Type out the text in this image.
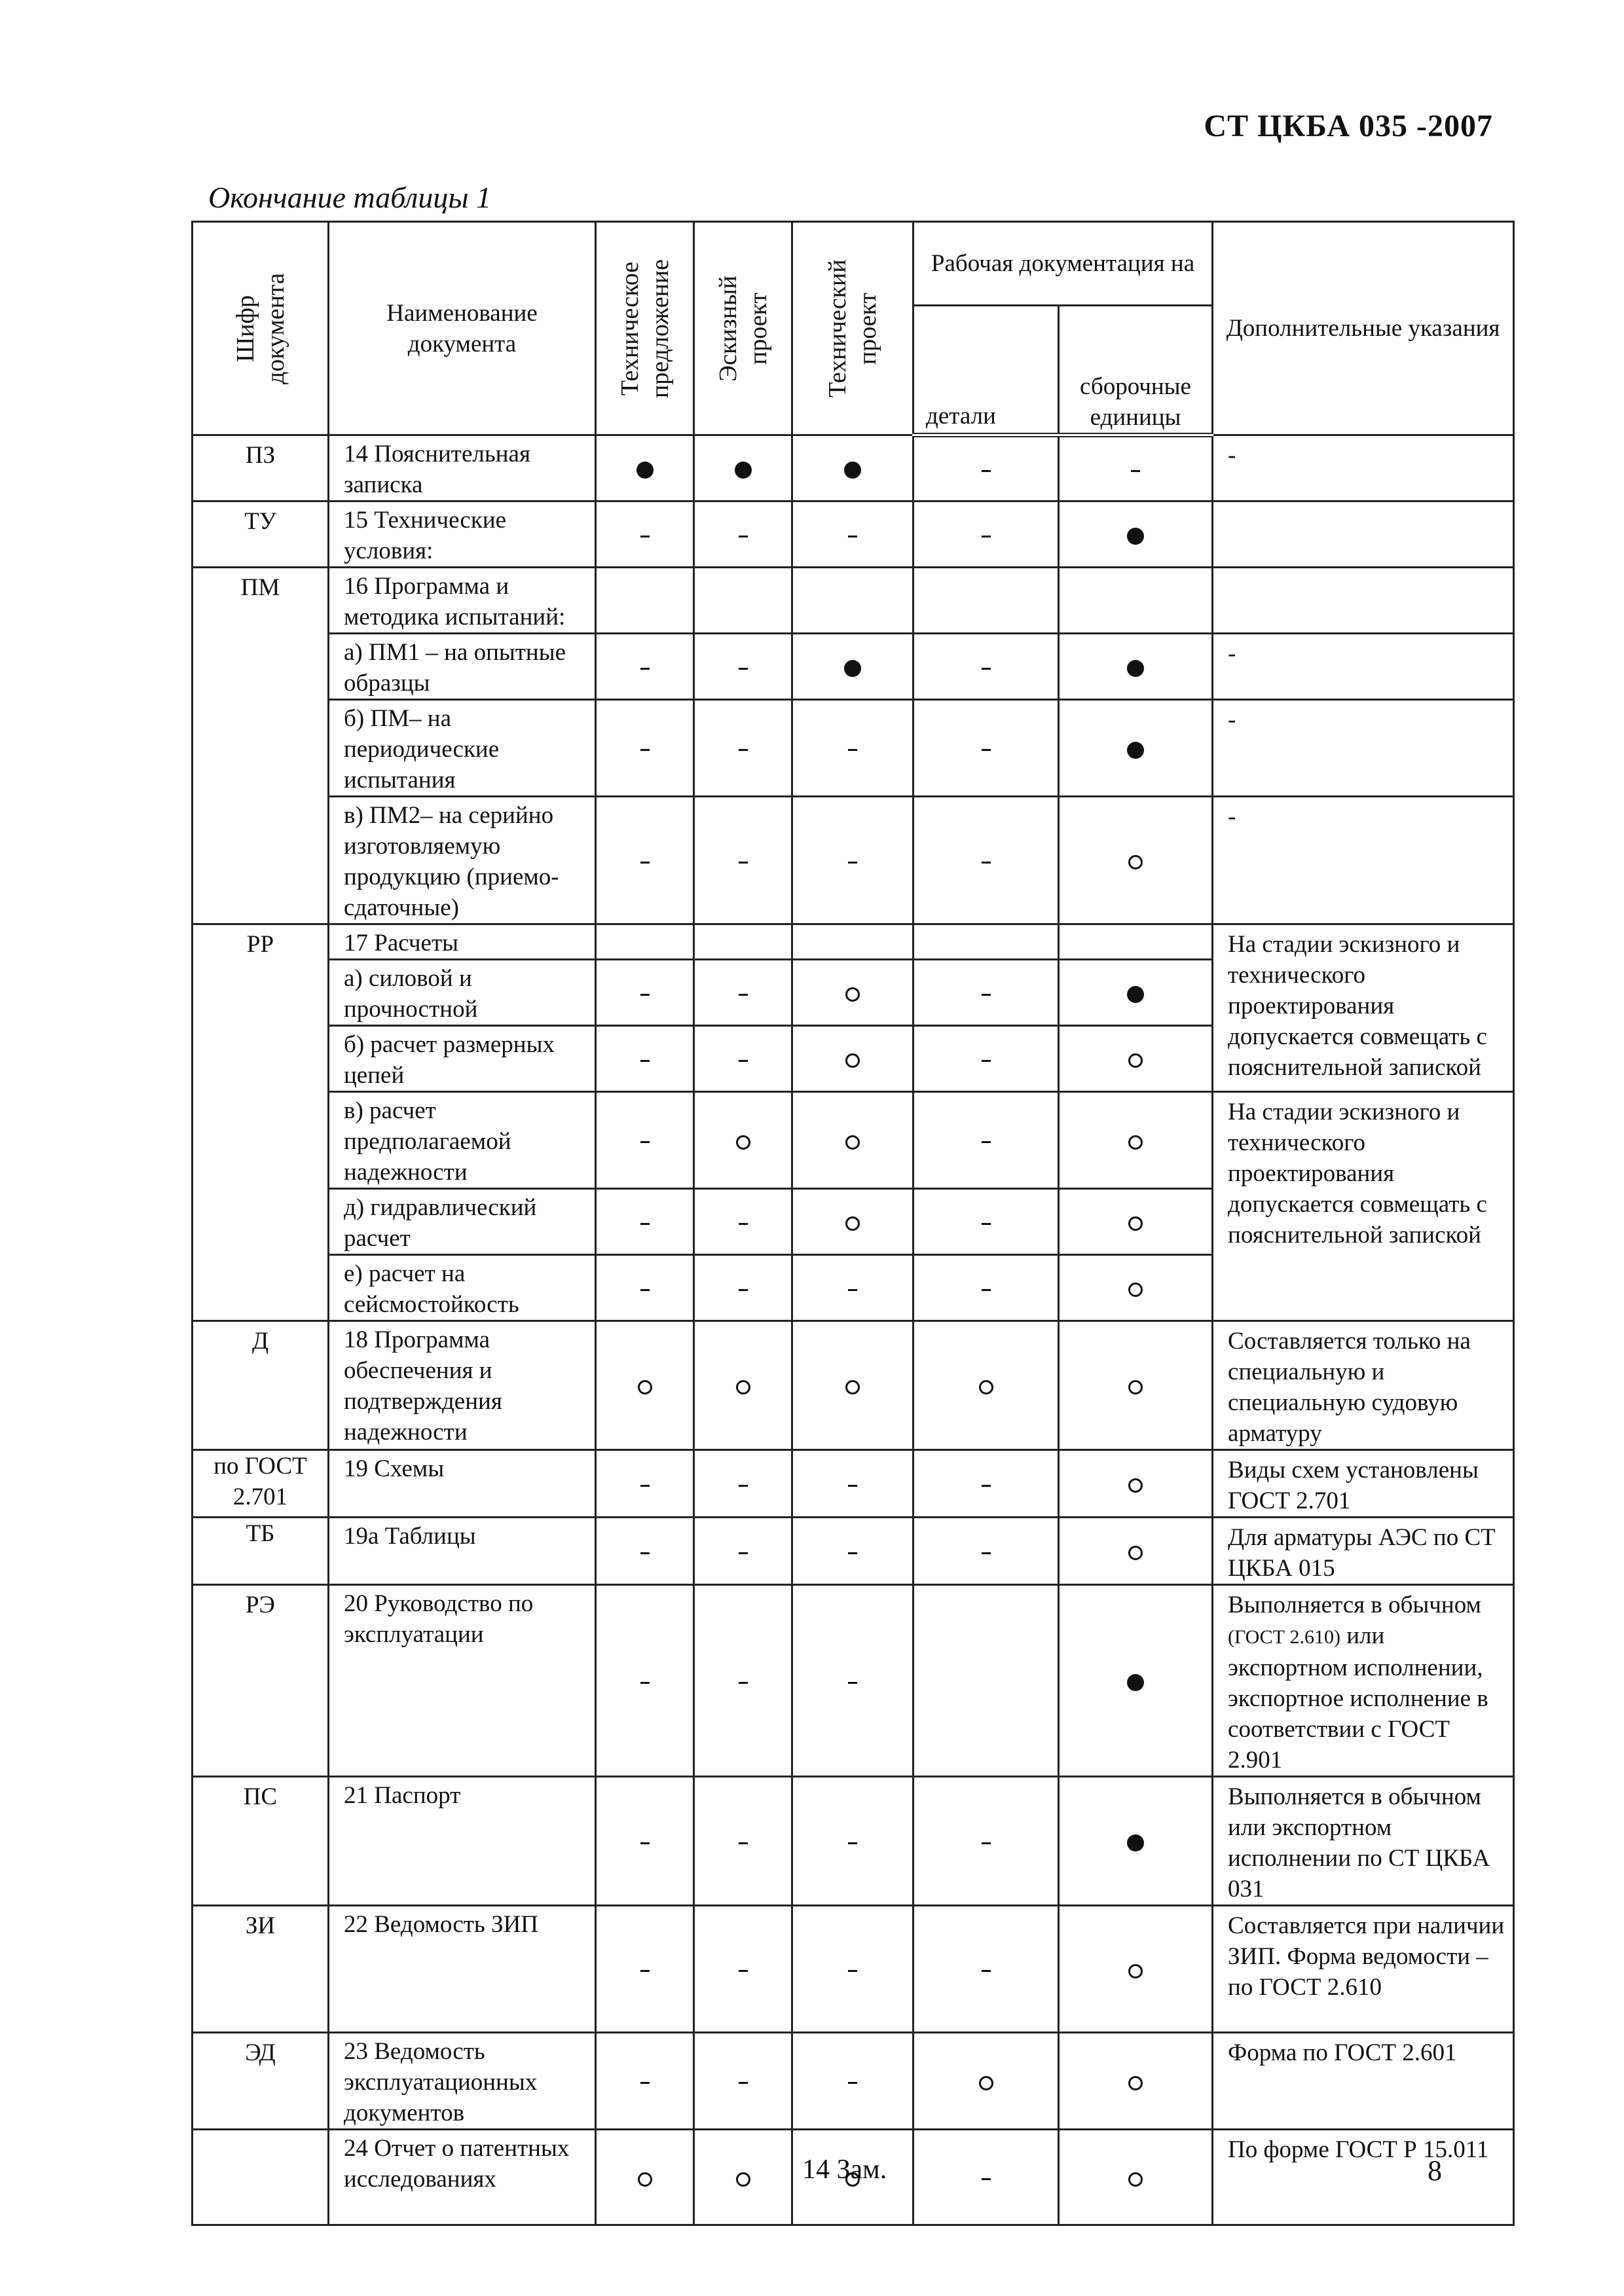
СТ ЦКБА 035 -2007
Окончание таблицы 1
Шифр документа	Наименование документа	Техническое предложение	Эскизный проект	Технический проект	Рабочая документация на		Дополнительные указания
					детали	сборочные единицы	
ПЗ	14 Пояснительная записка						-
ТУ	15 Технические условия:						
ПМ	16 Программа и методика испытаний:						
	а) ПМ1 – на опытные образцы						-
	б) ПМ– на периодические испытания						-
	в) ПМ2– на серийно изготовляемую продукцию (приемо-сдаточные)						-
РР	17 Расчеты						На стадии эскизного и технического проектирования допускается совмещать с пояснительной запиской
	а) силовой и прочностной						
	б) расчет размерных цепей						
	в) расчет предполагаемой надежности						На стадии эскизного и технического проектирования допускается совмещать с пояснительной запиской
	д) гидравлический расчет						
	е) расчет на сейсмостойкость						
Д	18 Программа обеспечения и подтверждения надежности						Составляется только на специальную и специальную судовую арматуру
по ГОСТ 2.701	19 Схемы						Виды схем установлены ГОСТ 2.701
ТБ	19а Таблицы						Для арматуры АЭС по СТ ЦКБА 015
РЭ	20 Руководство по эксплуатации						Выполняется в обычном (ГОСТ 2.610) или экспортном исполнении, экспортное исполнение в соответствии с ГОСТ 2.901
ПС	21 Паспорт						Выполняется в обычном или экспортном исполнении по СТ ЦКБА 031
ЗИ	22 Ведомость ЗИП						Составляется при наличии ЗИП. Форма ведомости – по ГОСТ 2.610
ЭД	23 Ведомость эксплуатационных документов						Форма по ГОСТ 2.601
	24 Отчет о патентных исследованиях						По форме ГОСТ Р 15.011
14 Зам.	8
